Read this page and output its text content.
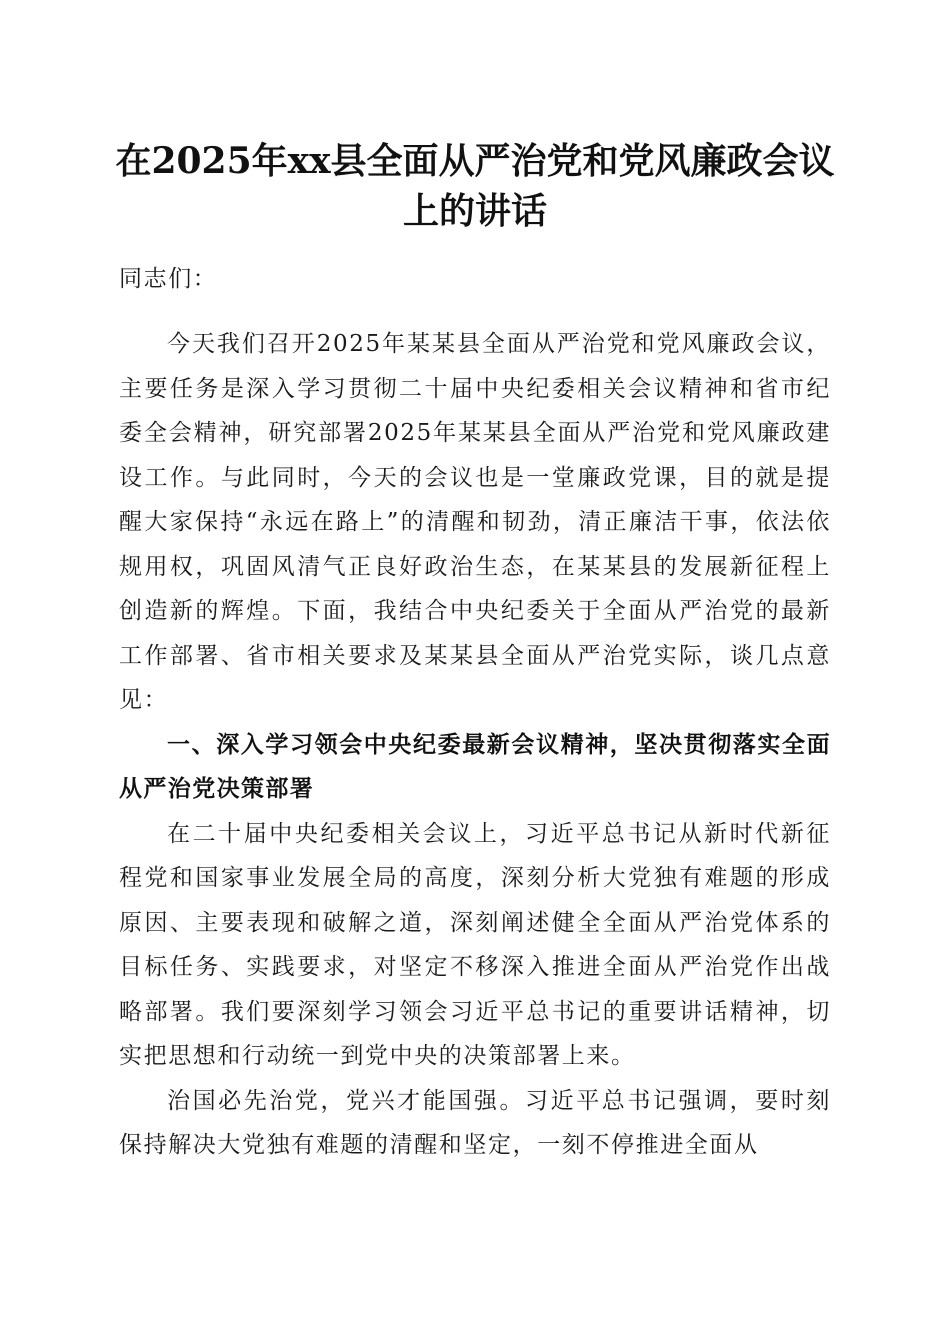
在2025年xx县全面从严治党和党风廉政会议
上的讲话
同志们：

今天我们召开2025年某某县全面从严治党和党风廉政会议，主要任务是深入学习贯彻二十届中央纪委相关会议精神和省市纪委全会精神，研究部署2025年某某县全面从严治党和党风廉政建设工作。与此同时，今天的会议也是一堂廉政党课，目的就是提醒大家保持“永远在路上”的清醒和韧劲，清正廉洁干事，依法依规用权，巩固风清气正良好政治生态，在某某县的发展新征程上创造新的辉煌。下面，我结合中央纪委关于全面从严治党的最新工作部署、省市相关要求及某某县全面从严治党实际，谈几点意见：

一、深入学习领会中央纪委最新会议精神，坚决贯彻落实全面从严治党决策部署

在二十届中央纪委相关会议上，习近平总书记从新时代新征程党和国家事业发展全局的高度，深刻分析大党独有难题的形成原因、主要表现和破解之道，深刻阐述健全全面从严治党体系的目标任务、实践要求，对坚定不移深入推进全面从严治党作出战略部署。我们要深刻学习领会习近平总书记的重要讲话精神，切实把思想和行动统一到党中央的决策部署上来。

治国必先治党，党兴才能国强。习近平总书记强调，要时刻保持解决大党独有难题的清醒和坚定，一刻不停推进全面从
